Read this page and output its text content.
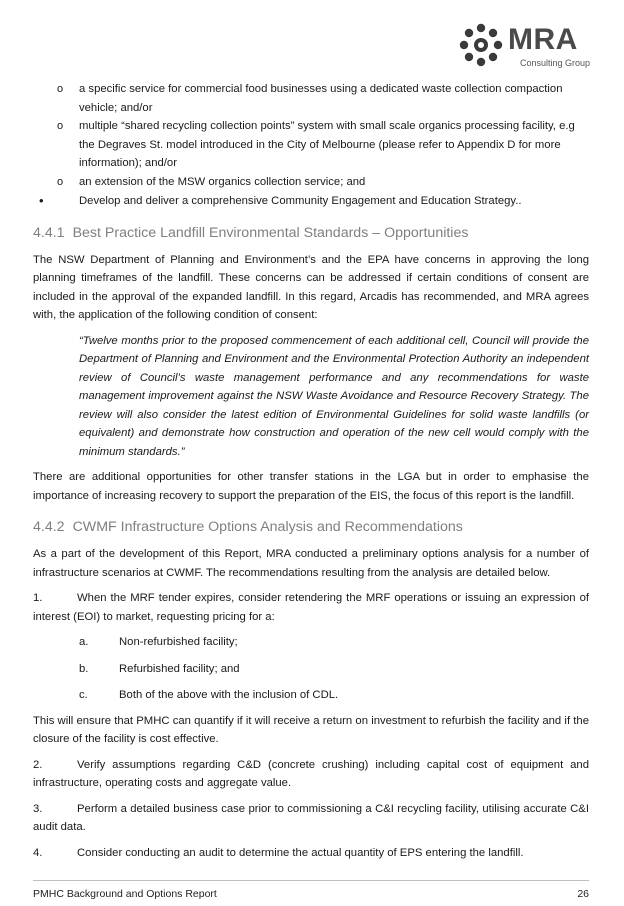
MRA
Consulting Group
o a specific service for commercial food businesses using a dedicated waste collection compaction vehicle; and/or
o multiple “shared recycling collection points” system with small scale organics processing facility, e.g the Degraves St. model introduced in the City of Melbourne (please refer to Appendix D for more information); and/or
o an extension of the MSW organics collection service; and
•	Develop and deliver a comprehensive Community Engagement and Education Strategy..
4.4.1 Best Practice Landfill Environmental Standards – Opportunities

The NSW Department of Planning and Environment’s and the EPA have concerns in approving the long planning timeframes of the landfill. These concerns can be addressed if certain conditions of consent are included in the approval of the expanded landfill. In this regard, Arcadis has recommended, and MRA agrees with, the application of the following condition of consent:

“Twelve months prior to the proposed commencement of each additional cell, Council will provide the Department of Planning and Environment and the Environmental Protection Authority an independent review of Council’s waste management performance and any recommendations for waste management improvement against the NSW Waste Avoidance and Resource Recovery Strategy. The review will also consider the latest edition of Environmental Guidelines for solid waste landfills (or equivalent) and demonstrate how construction and operation of the new cell would comply with the minimum standards.”

There are additional opportunities for other transfer stations in the LGA but in order to emphasise the importance of increasing recovery to support the preparation of the EIS, the focus of this report is the landfill.

4.4.2 CWMF Infrastructure Options Analysis and Recommendations

As a part of the development of this Report, MRA conducted a preliminary options analysis for a number of infrastructure scenarios at CWMF. The recommendations resulting from the analysis are detailed below.

1.	When the MRF tender expires, consider retendering the MRF operations or issuing an expression of interest (EOI) to market, requesting pricing for a:
a.	Non-refurbished facility;
b.	Refurbished facility; and
c.	Both of the above with the inclusion of CDL.

This will ensure that PMHC can quantify if it will receive a return on investment to refurbish the facility and if the closure of the facility is cost effective.

2.	Verify assumptions regarding C&D (concrete crushing) including capital cost of equipment and infrastructure, operating costs and aggregate value.
3.	Perform a detailed business case prior to commissioning a C&I recycling facility, utilising accurate C&I audit data.
4.	Consider conducting an audit to determine the actual quantity of EPS entering the landfill.
PMHC Background and Options Report	26
